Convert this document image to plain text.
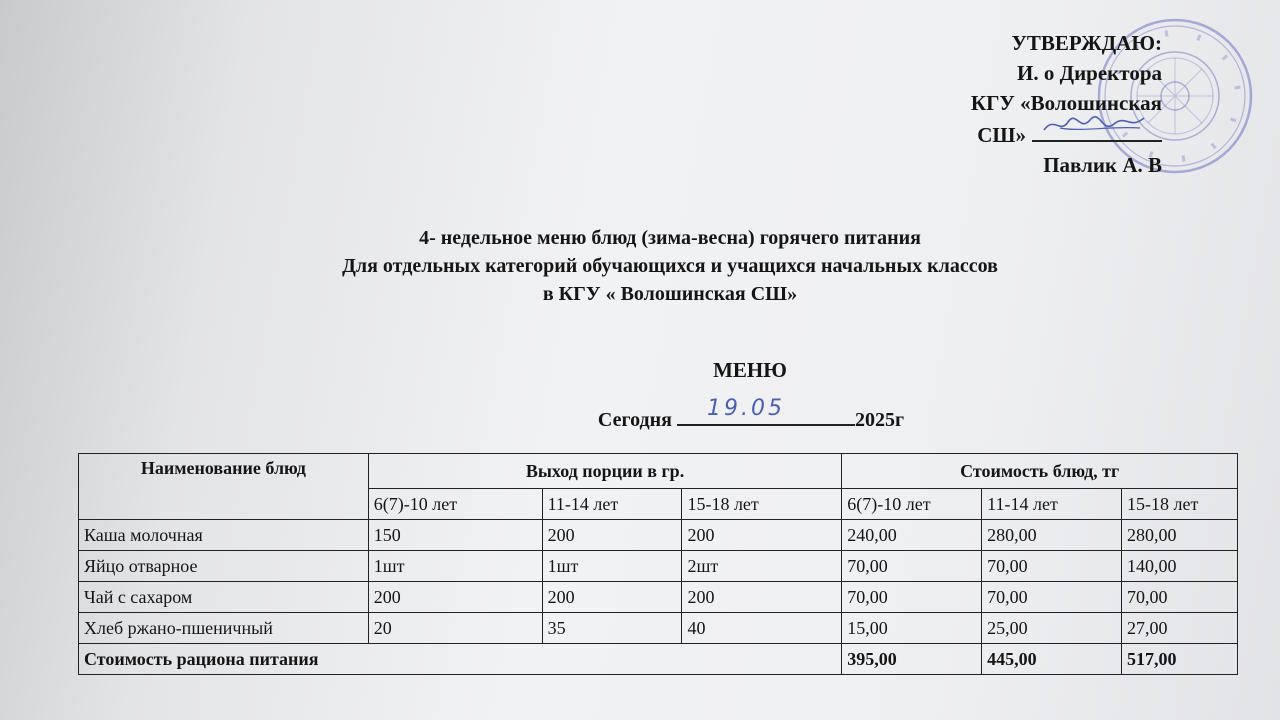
УТВЕРЖДАЮ:
И. о Директора
КГУ «Волошинская
СШ»
Павлик А. В
4- недельное меню блюд (зима-весна) горячего питания
Для отдельных категорий обучающихся и учащихся начальных классов
в КГУ « Волошинская СШ»
МЕНЮ
Сегодня 19.05	2025г
Наименование блюд	Выход порции в гр.			Стоимость блюд, тг		
	6(7)-10 лет	11-14 лет	15-18 лет	6(7)-10 лет	11-14 лет	15-18 лет
Каша молочная	150	200	200	240,00	280,00	280,00
Яйцо отварное	1шт	1шт	2шт	70,00	70,00	140,00
Чай с сахаром	200	200	200	70,00	70,00	70,00
Хлеб ржано-пшеничный	20	35	40	15,00	25,00	27,00
Стоимость рациона питания				395,00	445,00	517,00
